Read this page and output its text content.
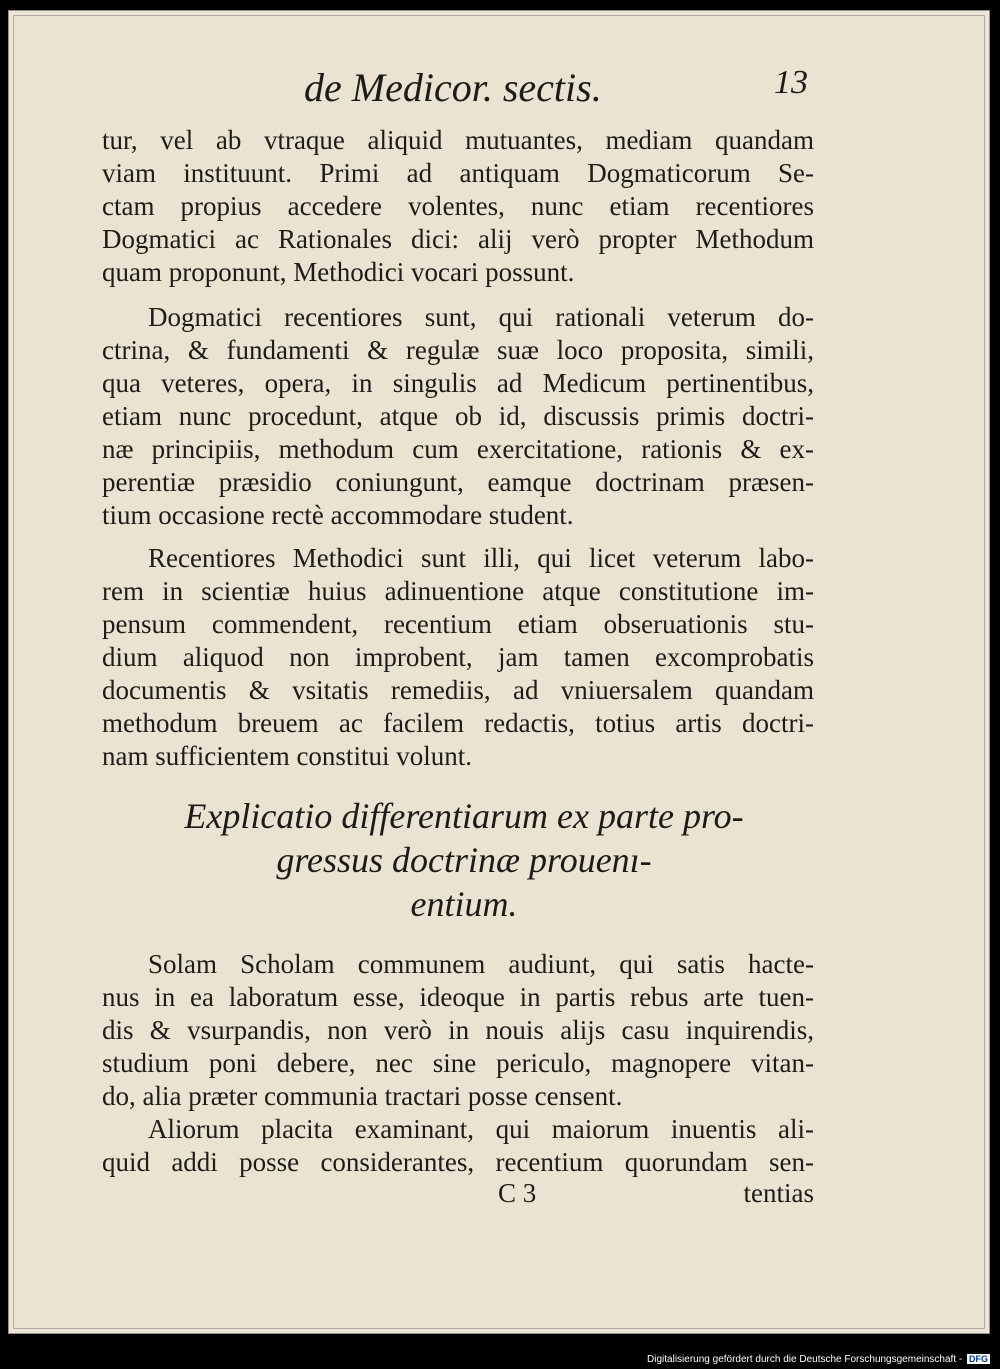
de Medicor. sectis.	13
tur, vel ab vtraque aliquid mutuantes, mediam quandam
viam instituunt. Primi ad antiquam Dogmaticorum Se-
ctam propius accedere volentes, nunc etiam recentiores
Dogmatici ac Rationales dici: alij verò propter Methodum
quam proponunt, Methodici vocari possunt.
Dogmatici recentiores sunt, qui rationali veterum do-
ctrina, & fundamenti & regulæ suæ loco proposita, simili,
qua veteres, opera, in singulis ad Medicum pertinentibus,
etiam nunc procedunt, atque ob id, discussis primis doctri-
næ principiis, methodum cum exercitatione, rationis & ex-
perentiæ præsidio coniungunt, eamque doctrinam præsen-
tium occasione rectè accommodare student.
Recentiores Methodici sunt illi, qui licet veterum labo-
rem in scientiæ huius adinuentione atque constitutione im-
pensum commendent, recentium etiam obseruationis stu-
dium aliquod non improbent, jam tamen excomprobatis
documentis & vsitatis remediis, ad vniuersalem quandam
methodum breuem ac facilem redactis, totius artis doctri-
nam sufficientem constitui volunt.
Explicatio differentiarum ex parte pro-
gressus doctrinæ prouenı-
entium.
Solam Scholam communem audiunt, qui satis hacte-
nus in ea laboratum esse, ideoque in partis rebus arte tuen-
dis & vsurpandis, non verò in nouis alijs casu inquirendis,
studium poni debere, nec sine periculo, magnopere vitan-
do, alia præter communia tractari posse censent.
Aliorum placita examinant, qui maiorum inuentis ali-
quid addi posse considerantes, recentium quorundam sen-
C 3	tentias
Digitalisierung gefördert durch die Deutsche Forschungsgemeinschaft - DFG
